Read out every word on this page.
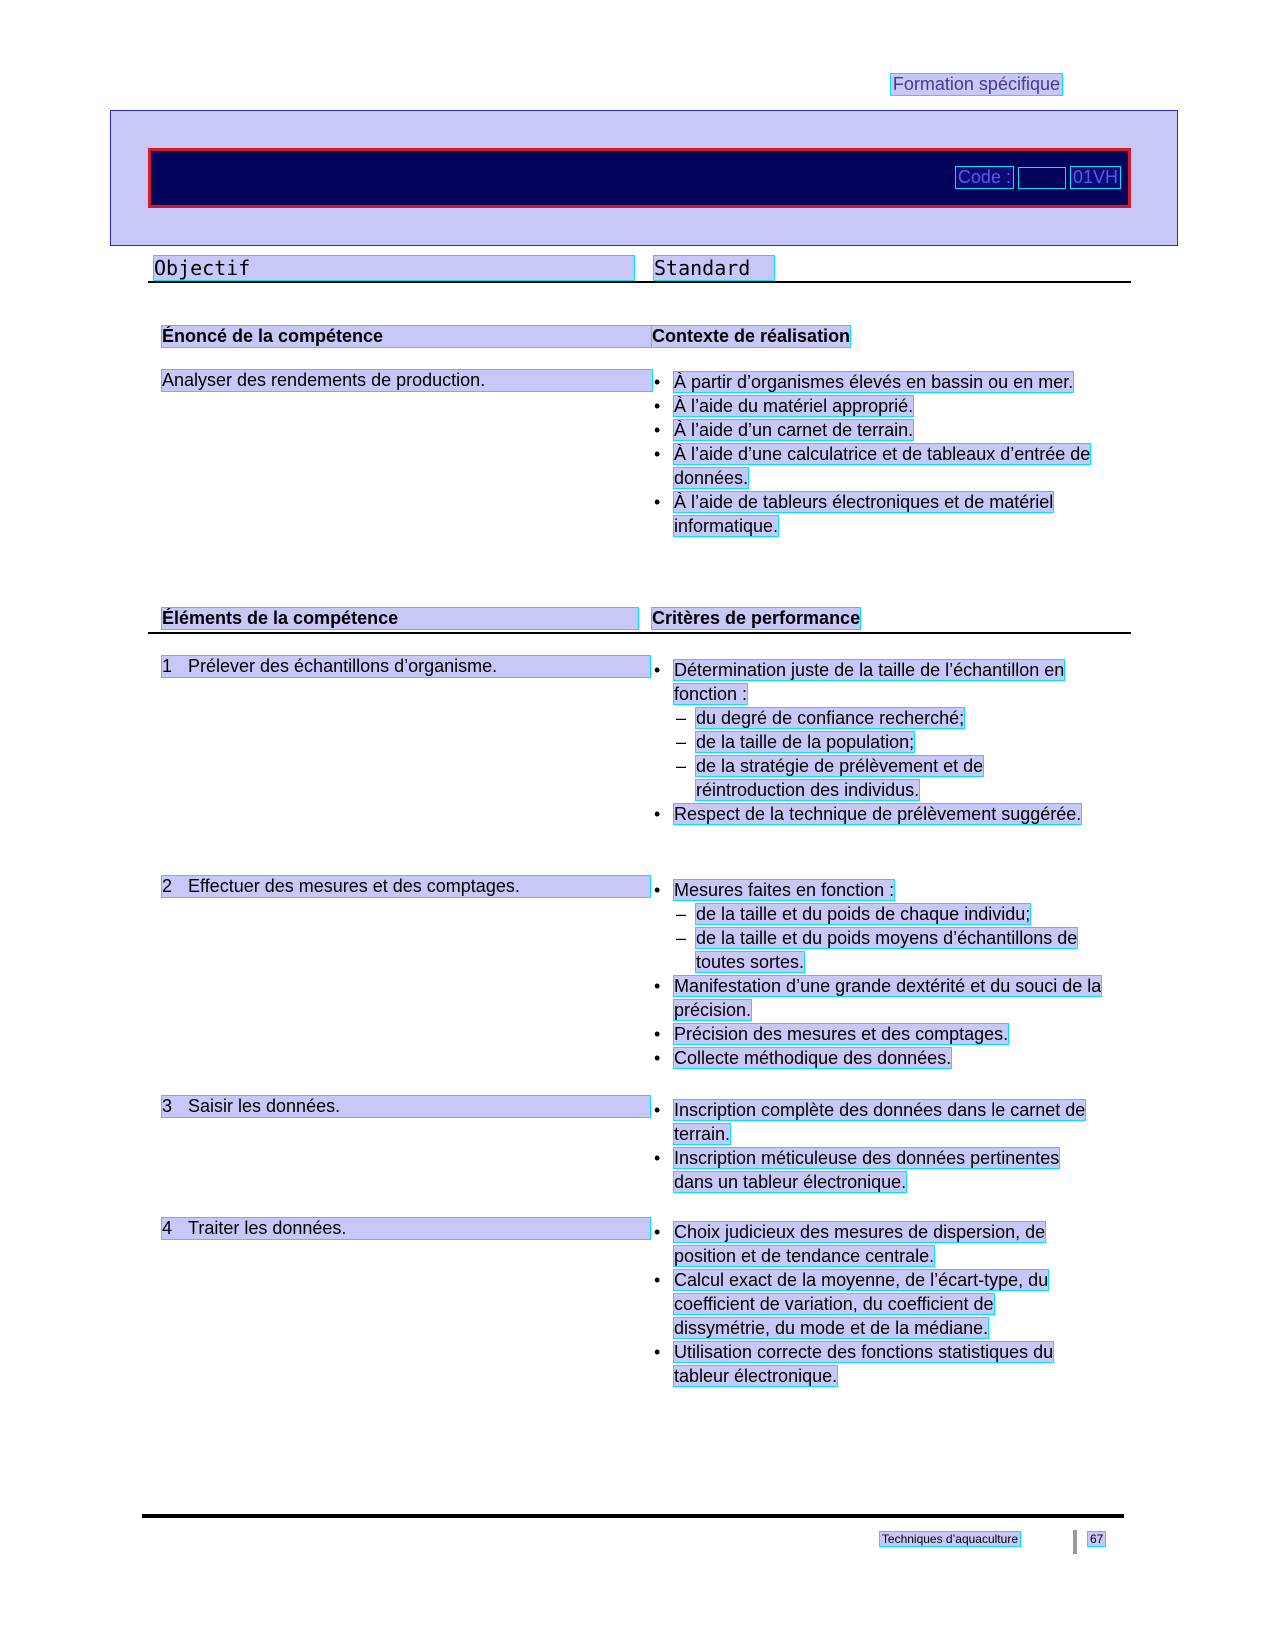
Formation spécifique
Code :	01VH
Objectif	Standard
Énoncé de la compétence	Contexte de réalisation
Analyser des rendements de production.	• À partir d’organismes élevés en bassin ou en mer.
• À l’aide du matériel approprié.
• À l’aide d’un carnet de terrain.
• À l’aide d’une calculatrice et de tableaux d’entrée de données.
• À l’aide de tableurs électroniques et de matériel informatique.
Éléments de la compétence	Critères de performance
1 Prélever des échantillons d’organisme.	• Détermination juste de la taille de l’échantillon en fonction :
– du degré de confiance recherché;
– de la taille de la population;
– de la stratégie de prélèvement et de réintroduction des individus.
• Respect de la technique de prélèvement suggérée.
2 Effectuer des mesures et des comptages.	• Mesures faites en fonction :
– de la taille et du poids de chaque individu;
– de la taille et du poids moyens d’échantillons de toutes sortes.
• Manifestation d’une grande dextérité et du souci de la précision.
• Précision des mesures et des comptages.
• Collecte méthodique des données.
3 Saisir les données.	• Inscription complète des données dans le carnet de terrain.
• Inscription méticuleuse des données pertinentes dans un tableur électronique.
4 Traiter les données.	• Choix judicieux des mesures de dispersion, de position et de tendance centrale.
• Calcul exact de la moyenne, de l’écart-type, du coefficient de variation, du coefficient de dissymétrie, du mode et de la médiane.
• Utilisation correcte des fonctions statistiques du tableur électronique.
Techniques d’aquaculture	67
